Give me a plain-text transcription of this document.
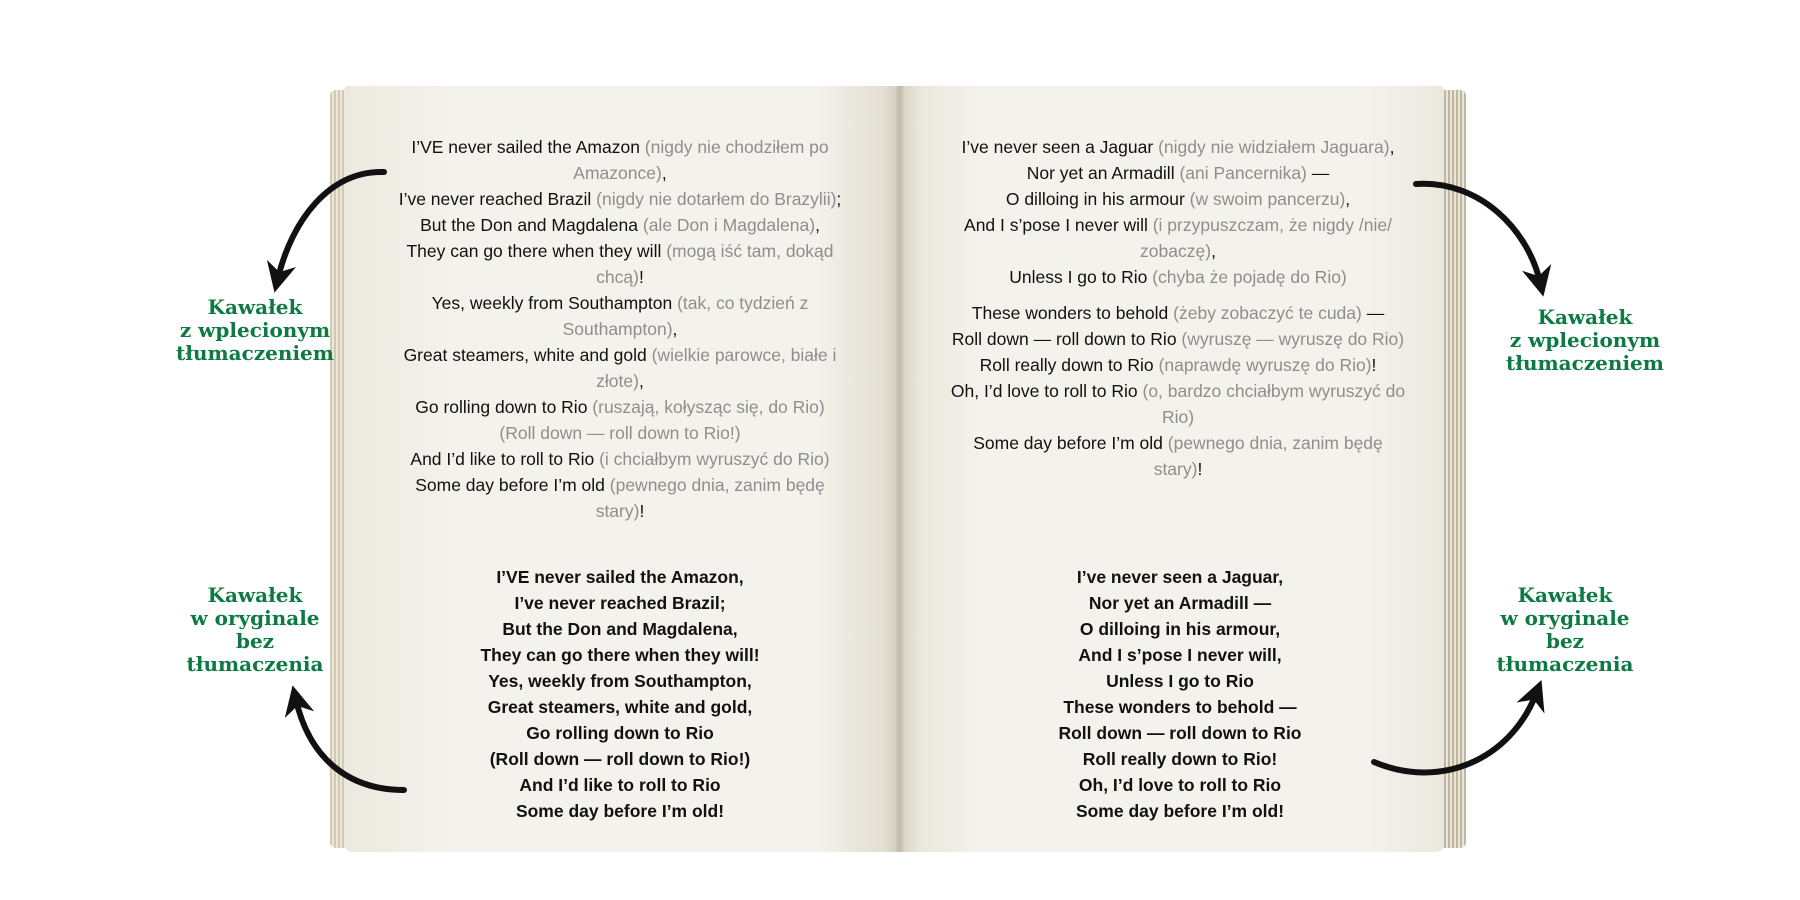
I’VE never sailed the Amazon (nigdy nie chodziłem po Amazonce),
I’ve never reached Brazil (nigdy nie dotarłem do Brazylii);
But the Don and Magdalena (ale Don i Magdalena),
They can go there when they will (mogą iść tam, dokąd chcą)!
Yes, weekly from Southampton (tak, co tydzień z Southampton),
Great steamers, white and gold (wielkie parowce, białe i złote),
Go rolling down to Rio (ruszają, kołysząc się, do Rio)
(Roll down — roll down to Rio!)
And I’d like to roll to Rio (i chciałbym wyruszyć do Rio)
Some day before I’m old (pewnego dnia, zanim będę stary)!
I’VE never sailed the Amazon,
I’ve never reached Brazil;
But the Don and Magdalena,
They can go there when they will!
Yes, weekly from Southampton,
Great steamers, white and gold,
Go rolling down to Rio
(Roll down — roll down to Rio!)
And I’d like to roll to Rio
Some day before I’m old!
I’ve never seen a Jaguar (nigdy nie widziałem Jaguara),
Nor yet an Armadill (ani Pancernika) —
O dilloing in his armour (w swoim pancerzu),
And I s’pose I never will (i przypuszczam, że nigdy /nie/ zobaczę),
Unless I go to Rio (chyba że pojadę do Rio)
These wonders to behold (żeby zobaczyć te cuda) —
Roll down — roll down to Rio (wyruszę — wyruszę do Rio)
Roll really down to Rio (naprawdę wyruszę do Rio)!
Oh, I’d love to roll to Rio (o, bardzo chciałbym wyruszyć do Rio)
Some day before I’m old (pewnego dnia, zanim będę stary)!
I’ve never seen a Jaguar,
Nor yet an Armadill —
O dilloing in his armour,
And I s’pose I never will,
Unless I go to Rio
These wonders to behold —
Roll down — roll down to Rio
Roll really down to Rio!
Oh, I’d love to roll to Rio
Some day before I’m old!
Kawałek
z wplecionym
tłumaczeniem
Kawałek
w oryginale
bez
tłumaczenia
Kawałek
z wplecionym
tłumaczeniem
Kawałek
w oryginale
bez
tłumaczenia
